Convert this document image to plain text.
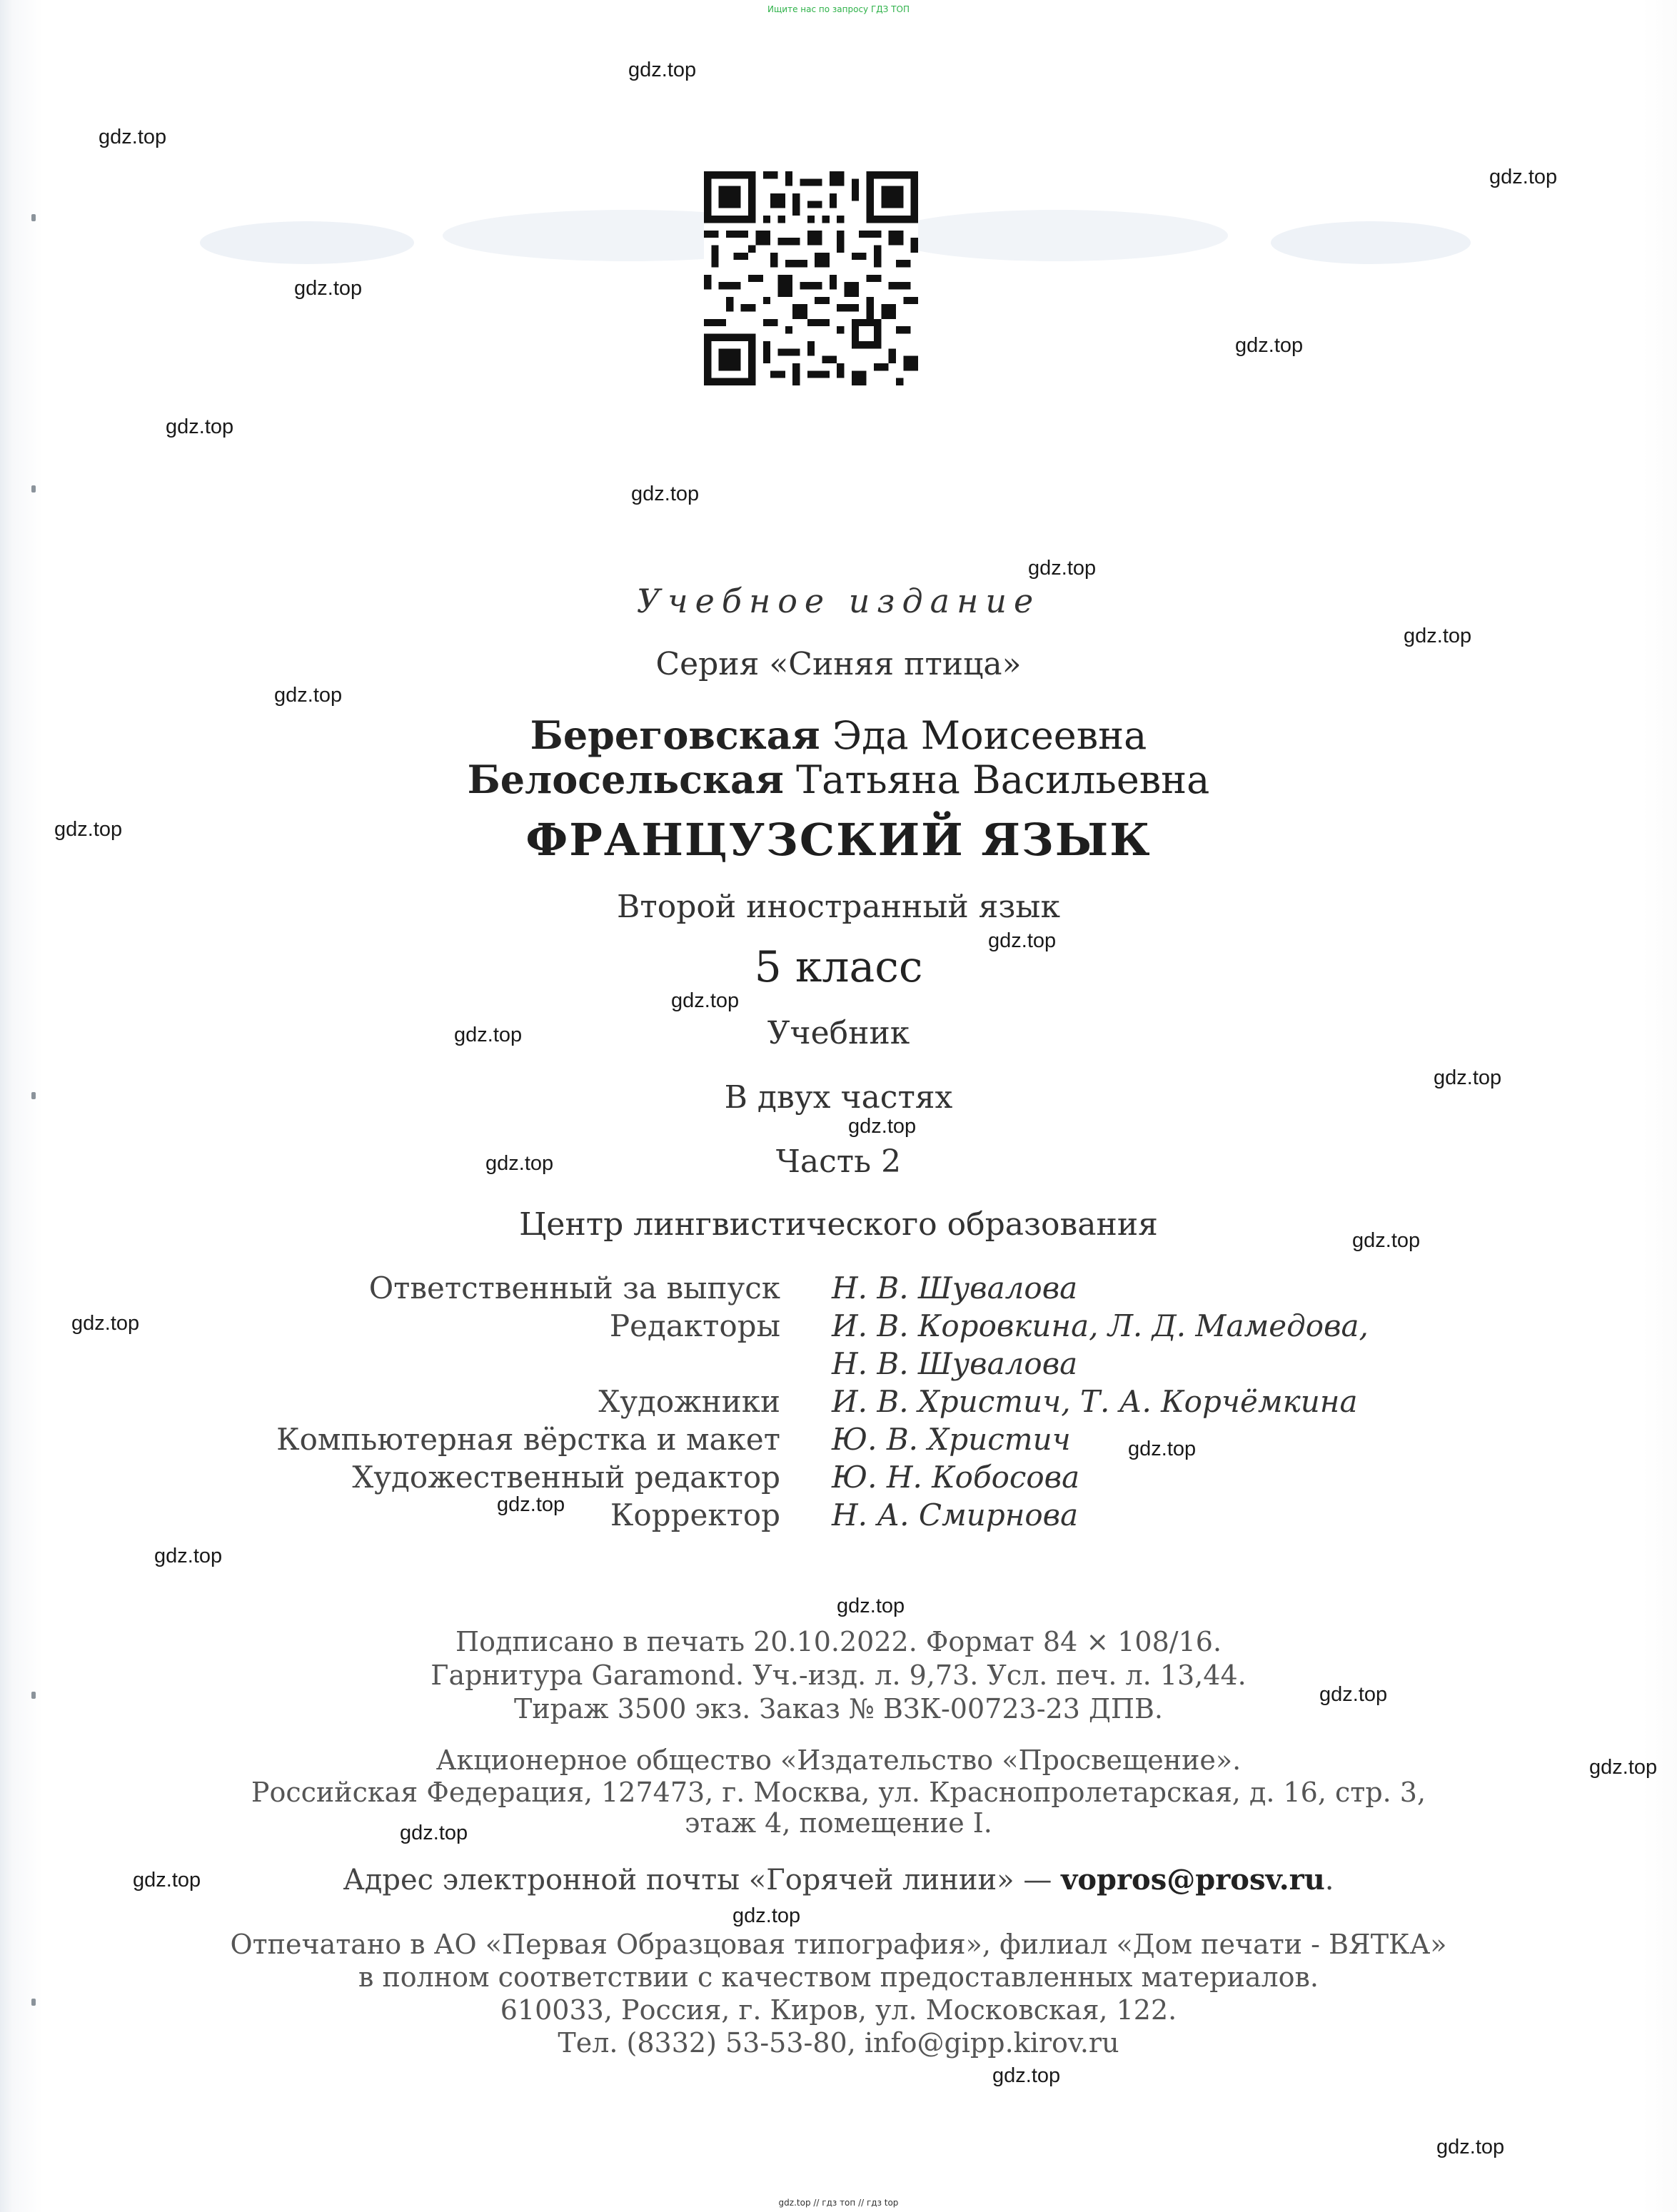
Ищите нас по запросу ГДЗ ТОП
Учебное издание
Серия «Синяя птица»
Береговская Эда Моисеевна
Белосельская Татьяна Васильевна
ФРАНЦУЗСКИЙ ЯЗЫК
Второй иностранный язык
5 класс
Учебник
В двух частях
Часть 2
Центр лингвистического образования
Ответственный за выпуск Н. В. Шувалова
Редакторы И. В. Коровкина, Л. Д. Мамедова,
Н. В. Шувалова
Художники И. В. Христич, Т. А. Корчёмкина
Компьютерная вёрстка и макет Ю. В. Христич
Художественный редактор Ю. Н. Кобосова
Корректор Н. А. Смирнова
Подписано в печать 20.10.2022. Формат 84 × 108/16.
Гарнитура Garamond. Уч.-изд. л. 9,73. Усл. печ. л. 13,44.
Тираж 3500 экз. Заказ № ВЗК-00723-23 ДПВ.
Акционерное общество «Издательство «Просвещение».
Российская Федерация, 127473, г. Москва, ул. Краснопролетарская, д. 16, стр. 3,
этаж 4, помещение I.
Адрес электронной почты «Горячей линии» — vopros@prosv.ru.
Отпечатано в АО «Первая Образцовая типография», филиал «Дом печати - ВЯТКА»
в полном соответствии с качеством предоставленных материалов.
610033, Россия, г. Киров, ул. Московская, 122.
Тел. (8332) 53-53-80, info@gipp.kirov.ru
gdz.top
gdz.top
gdz.top
gdz.top
gdz.top
gdz.top
gdz.top
gdz.top
gdz.top
gdz.top
gdz.top
gdz.top
gdz.top
gdz.top
gdz.top
gdz.top
gdz.top
gdz.top
gdz.top
gdz.top
gdz.top
gdz.top
gdz.top
gdz.top
gdz.top
gdz.top
gdz.top
gdz.top
gdz.top
gdz.top
gdz.top // гдз топ // гдз top
